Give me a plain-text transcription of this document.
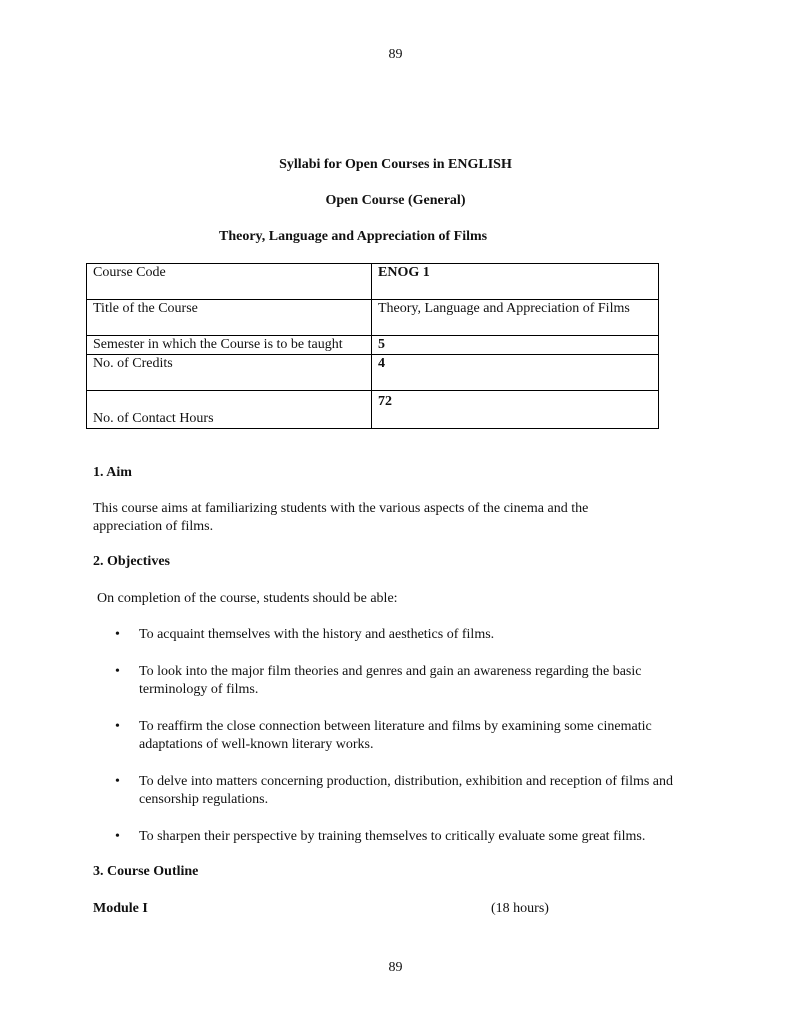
89
Syllabi for Open Courses in ENGLISH
Open Course (General)
Theory, Language and Appreciation of Films
Course Code	ENOG 1
Title of the Course	Theory, Language and Appreciation of Films
Semester in which the Course is to be taught	5
No. of Credits	4
No. of Contact Hours	72
1. Aim
This course aims at familiarizing students with the various aspects of the cinema and the appreciation of films.
2. Objectives
On completion of the course, students should be able:
• To acquaint themselves with the history and aesthetics of films.
• To look into the major film theories and genres and gain an awareness regarding the basic terminology of films.
• To reaffirm the close connection between literature and films by examining some cinematic adaptations of well-known literary works.
• To delve into matters concerning production, distribution, exhibition and reception of films and censorship regulations.
• To sharpen their perspective by training themselves to critically evaluate some great films.
3. Course Outline
Module I	(18 hours)
89
